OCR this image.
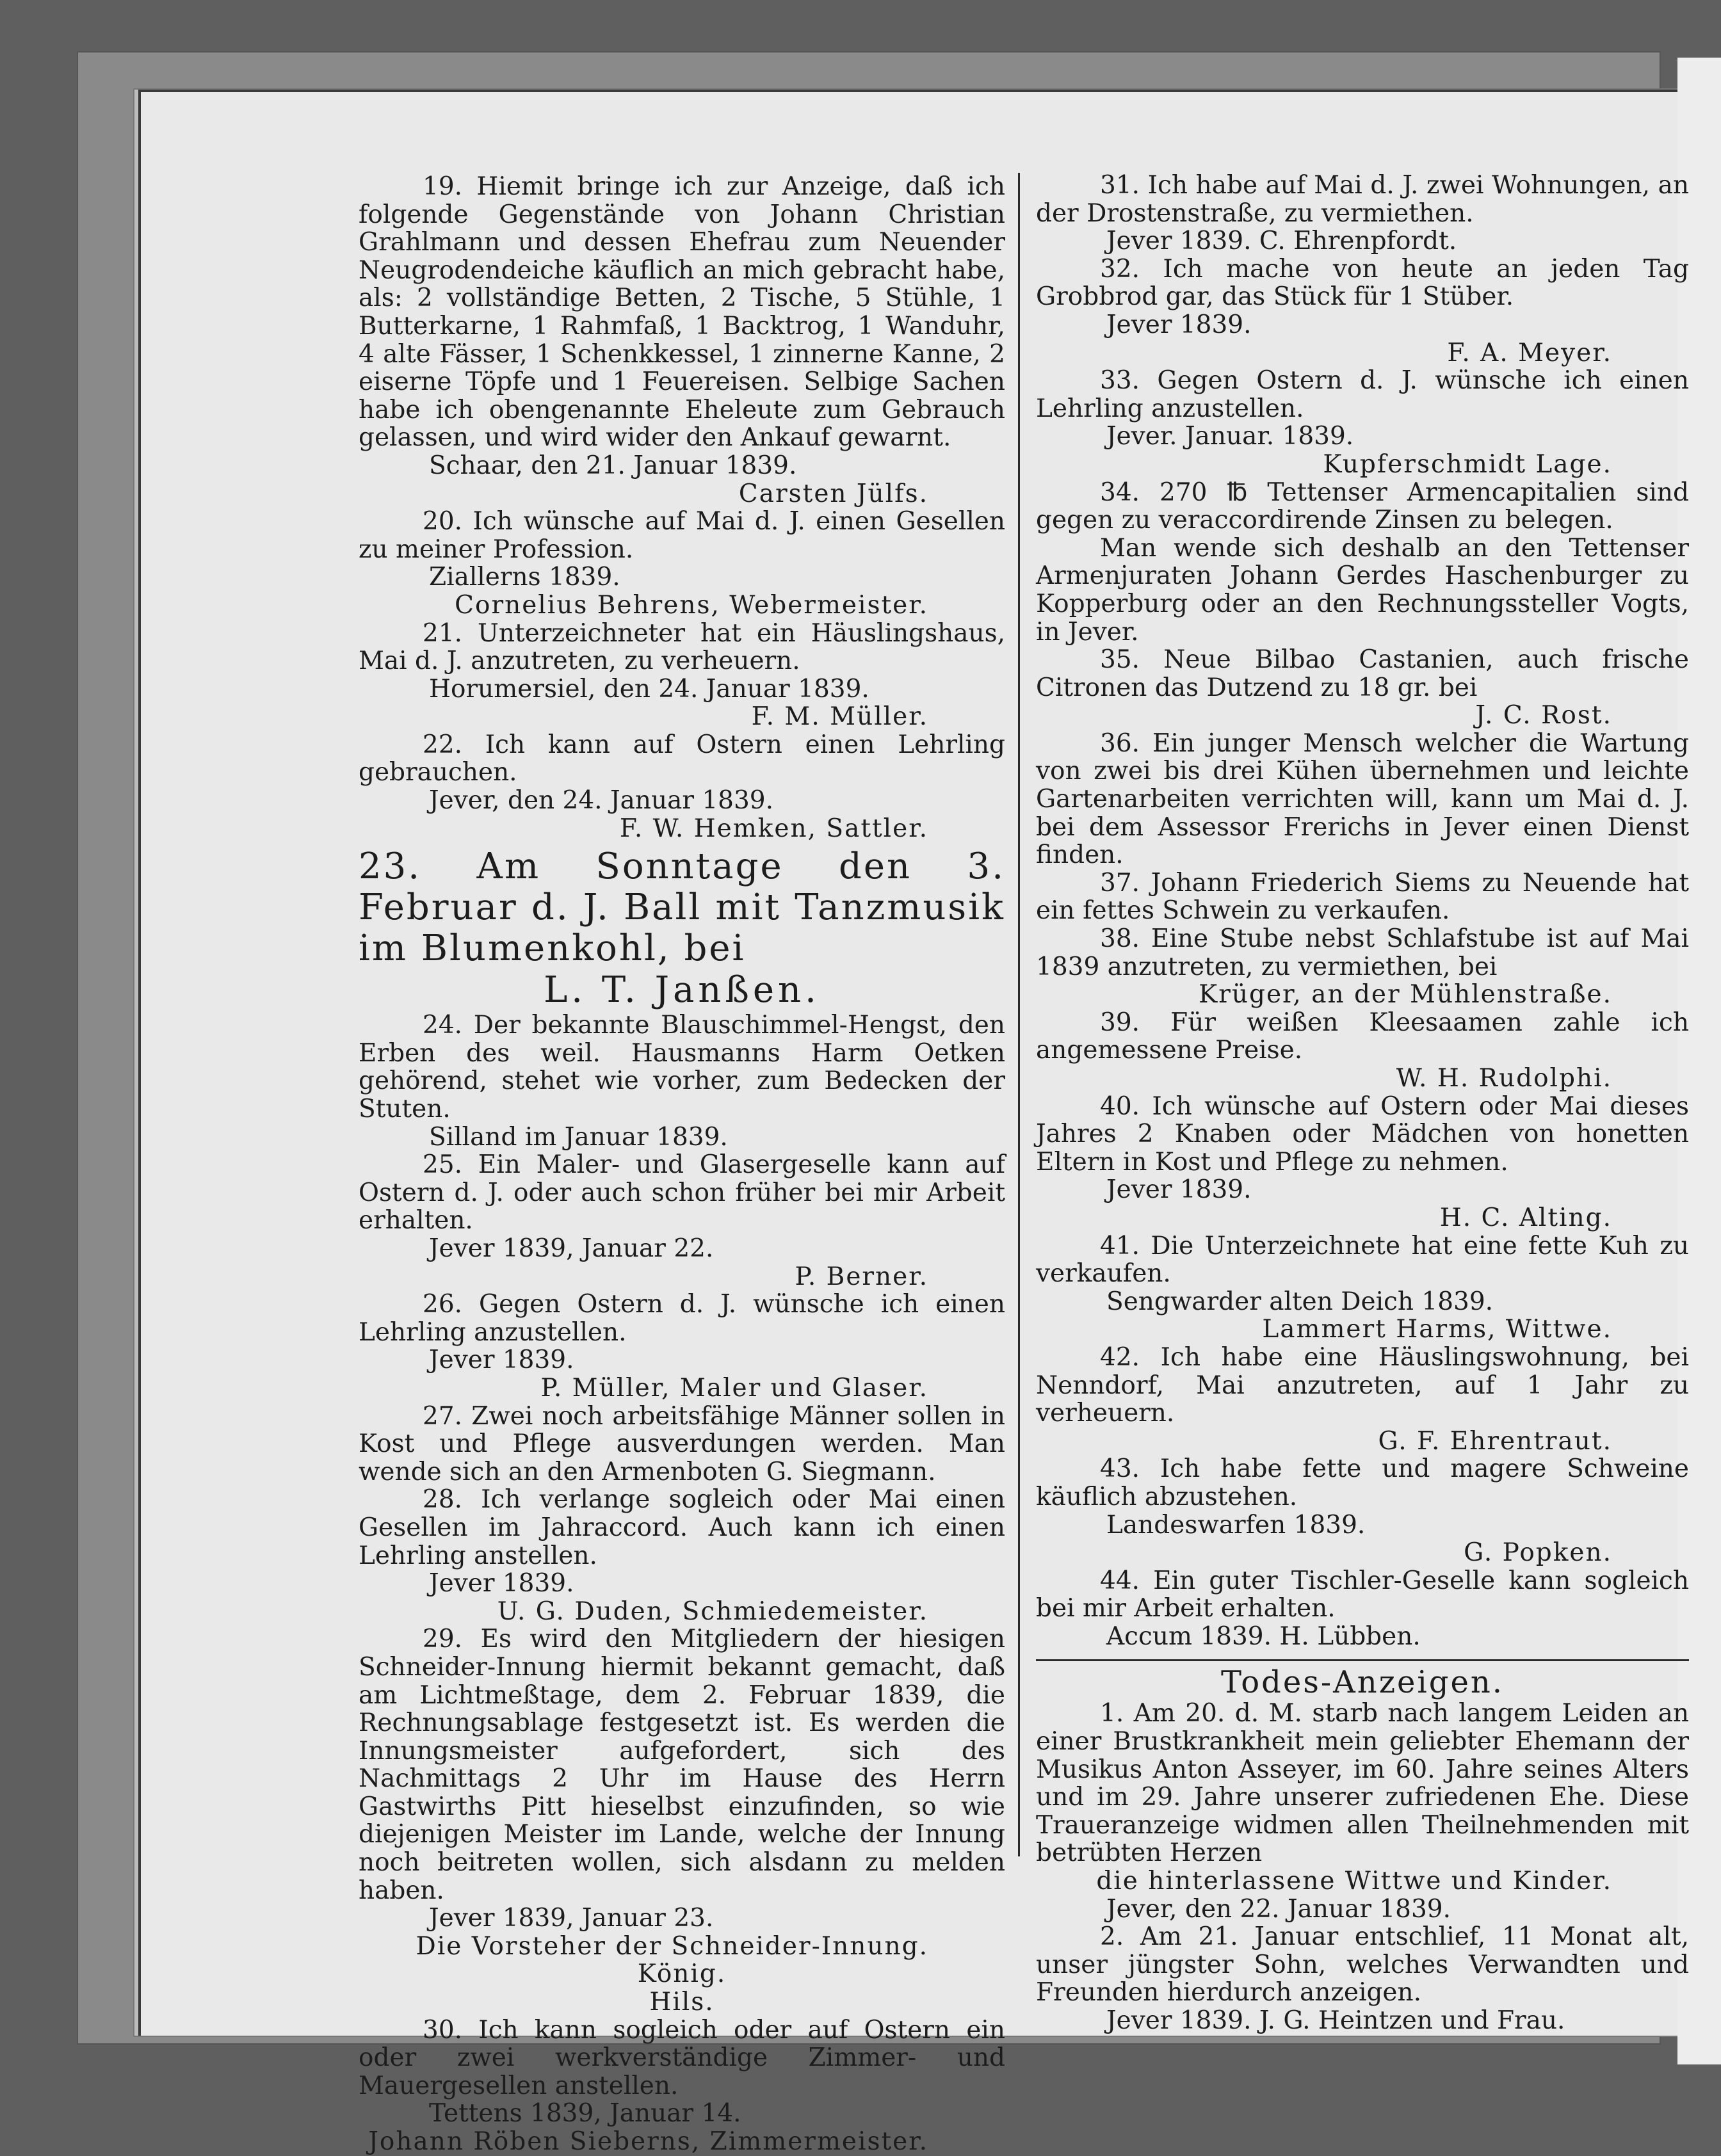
19. Hiemit bringe ich zur Anzeige, daß ich folgende Gegenstände von Johann Christian Grahlmann und dessen Ehefrau zum Neuender Neugrodendeiche käuflich an mich gebracht habe, als: 2 vollständige Betten, 2 Tische, 5 Stühle, 1 Butterkarne, 1 Rahmfaß, 1 Backtrog, 1 Wanduhr, 4 alte Fässer, 1 Schenkkessel, 1 zinnerne Kanne, 2 eiserne Töpfe und 1 Feuereisen. Selbige Sachen habe ich obengenannte Eheleute zum Gebrauch gelassen, und wird wider den Ankauf gewarnt.

Schaar, den 21. Januar 1839.
Carsten Jülfs.

20. Ich wünsche auf Mai d. J. einen Gesellen zu meiner Profession.

Ziallerns 1839.
Cornelius Behrens, Webermeister.

21. Unterzeichneter hat ein Häuslingshaus, Mai d. J. anzutreten, zu verheuern.

Horumersiel, den 24. Januar 1839.
F. M. Müller.

22. Ich kann auf Ostern einen Lehrling gebrauchen.

Jever, den 24. Januar 1839.
F. W. Hemken, Sattler.
23. Am Sonntage den 3. Februar d. J. Ball mit Tanzmusik im Blumenkohl, bei
L. T. Janßen.

24. Der bekannte Blauschimmel-Hengst, den Erben des weil. Hausmanns Harm Oetken gehörend, stehet wie vorher, zum Bedecken der Stuten.

Silland im Januar 1839.

25. Ein Maler- und Glasergeselle kann auf Ostern d. J. oder auch schon früher bei mir Arbeit erhalten.

Jever 1839, Januar 22.
P. Berner.

26. Gegen Ostern d. J. wünsche ich einen Lehrling anzustellen.

Jever 1839.
P. Müller, Maler und Glaser.

27. Zwei noch arbeitsfähige Männer sollen in Kost und Pflege ausverdungen werden. Man wende sich an den Armenboten G. Siegmann.

28. Ich verlange sogleich oder Mai einen Gesellen im Jahraccord. Auch kann ich einen Lehrling anstellen.

Jever 1839.
U. G. Duden, Schmiedemeister.

29. Es wird den Mitgliedern der hiesigen Schneider-Innung hiermit bekannt gemacht, daß am Lichtmeßtage, dem 2. Februar 1839, die Rechnungsablage festgesetzt ist. Es werden die Innungsmeister aufgefordert, sich des Nachmittags 2 Uhr im Hause des Herrn Gastwirths Pitt hieselbst einzufinden, so wie diejenigen Meister im Lande, welche der Innung noch beitreten wollen, sich alsdann zu melden haben.

Jever 1839, Januar 23.
Die Vorsteher der Schneider-Innung.
König.
Hils.

30. Ich kann sogleich oder auf Ostern ein oder zwei werkverständige Zimmer- und Mauergesellen anstellen.

Tettens 1839, Januar 14.
Johann Röben Sieberns, Zimmermeister.

31. Ich habe auf Mai d. J. zwei Wohnungen, an der Drostenstraße, zu vermiethen.

Jever 1839. C. Ehrenpfordt.

32. Ich mache von heute an jeden Tag Grobbrod gar, das Stück für 1 Stüber.

Jever 1839.
F. A. Meyer.

33. Gegen Ostern d. J. wünsche ich einen Lehrling anzustellen.

Jever. Januar. 1839.
Kupferschmidt Lage.

34. 270 ℔ Tettenser Armencapitalien sind gegen zu veraccordirende Zinsen zu belegen.

Man wende sich deshalb an den Tettenser Armenjuraten Johann Gerdes Haschenburger zu Kopperburg oder an den Rechnungssteller Vogts, in Jever.

35. Neue Bilbao Castanien, auch frische Citronen das Dutzend zu 18 gr. bei

J. C. Rost.

36. Ein junger Mensch welcher die Wartung von zwei bis drei Kühen übernehmen und leichte Gartenarbeiten verrichten will, kann um Mai d. J. bei dem Assessor Frerichs in Jever einen Dienst finden.

37. Johann Friederich Siems zu Neuende hat ein fettes Schwein zu verkaufen.

38. Eine Stube nebst Schlafstube ist auf Mai 1839 anzutreten, zu vermiethen, bei

Krüger, an der Mühlenstraße.

39. Für weißen Kleesaamen zahle ich angemessene Preise.

W. H. Rudolphi.

40. Ich wünsche auf Ostern oder Mai dieses Jahres 2 Knaben oder Mädchen von honetten Eltern in Kost und Pflege zu nehmen.

Jever 1839.
H. C. Alting.

41. Die Unterzeichnete hat eine fette Kuh zu verkaufen.

Sengwarder alten Deich 1839.
Lammert Harms, Wittwe.

42. Ich habe eine Häuslingswohnung, bei Nenndorf, Mai anzutreten, auf 1 Jahr zu verheuern.

G. F. Ehrentraut.

43. Ich habe fette und magere Schweine käuflich abzustehen.

Landeswarfen 1839.
G. Popken.

44. Ein guter Tischler-Geselle kann sogleich bei mir Arbeit erhalten.

Accum 1839. H. Lübben.
Todes-Anzeigen.

1. Am 20. d. M. starb nach langem Leiden an einer Brustkrankheit mein geliebter Ehemann der Musikus Anton Asseyer, im 60. Jahre seines Alters und im 29. Jahre unserer zufriedenen Ehe. Diese Traueranzeige widmen allen Theilnehmenden mit betrübten Herzen

die hinterlassene Wittwe und Kinder.
Jever, den 22. Januar 1839.

2. Am 21. Januar entschlief, 11 Monat alt, unser jüngster Sohn, welches Verwandten und Freunden hierdurch anzeigen.

Jever 1839. J. G. Heintzen und Frau.
